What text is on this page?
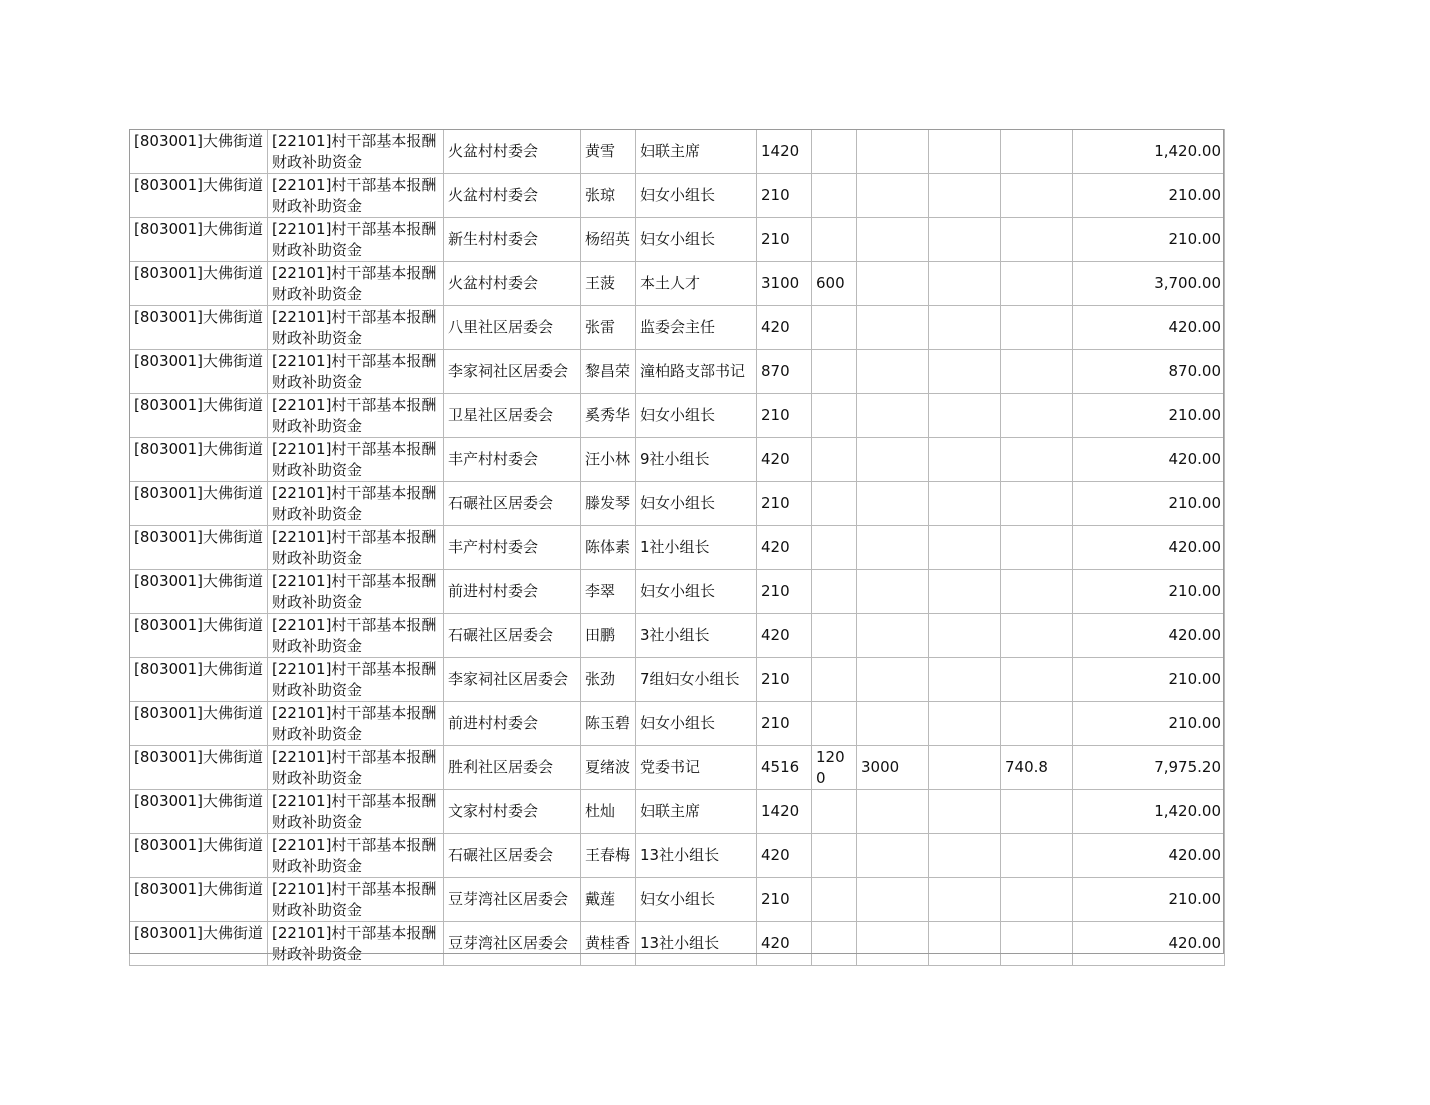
[803001]大佛街道	[22101]村干部基本报酬财政补助资金	火盆村村委会	黄雪	妇联主席	1420					1,420.00
[803001]大佛街道	[22101]村干部基本报酬财政补助资金	火盆村村委会	张琼	妇女小组长	210					210.00
[803001]大佛街道	[22101]村干部基本报酬财政补助资金	新生村村委会	杨绍英	妇女小组长	210					210.00
[803001]大佛街道	[22101]村干部基本报酬财政补助资金	火盆村村委会	王菠	本土人才	3100	600				3,700.00
[803001]大佛街道	[22101]村干部基本报酬财政补助资金	八里社区居委会	张雷	监委会主任	420					420.00
[803001]大佛街道	[22101]村干部基本报酬财政补助资金	李家祠社区居委会	黎昌荣	潼柏路支部书记	870					870.00
[803001]大佛街道	[22101]村干部基本报酬财政补助资金	卫星社区居委会	奚秀华	妇女小组长	210					210.00
[803001]大佛街道	[22101]村干部基本报酬财政补助资金	丰产村村委会	汪小林	9社小组长	420					420.00
[803001]大佛街道	[22101]村干部基本报酬财政补助资金	石碾社区居委会	滕发琴	妇女小组长	210					210.00
[803001]大佛街道	[22101]村干部基本报酬财政补助资金	丰产村村委会	陈体素	1社小组长	420					420.00
[803001]大佛街道	[22101]村干部基本报酬财政补助资金	前进村村委会	李翠	妇女小组长	210					210.00
[803001]大佛街道	[22101]村干部基本报酬财政补助资金	石碾社区居委会	田鹏	3社小组长	420					420.00
[803001]大佛街道	[22101]村干部基本报酬财政补助资金	李家祠社区居委会	张劲	7组妇女小组长	210					210.00
[803001]大佛街道	[22101]村干部基本报酬财政补助资金	前进村村委会	陈玉碧	妇女小组长	210					210.00
[803001]大佛街道	[22101]村干部基本报酬财政补助资金	胜利社区居委会	夏绪波	党委书记	4516	1200	3000		740.8	7,975.20
[803001]大佛街道	[22101]村干部基本报酬财政补助资金	文家村村委会	杜灿	妇联主席	1420					1,420.00
[803001]大佛街道	[22101]村干部基本报酬财政补助资金	石碾社区居委会	王春梅	13社小组长	420					420.00
[803001]大佛街道	[22101]村干部基本报酬财政补助资金	豆芽湾社区居委会	戴莲	妇女小组长	210					210.00
[803001]大佛街道	[22101]村干部基本报酬财政补助资金	豆芽湾社区居委会	黄桂香	13社小组长	420					420.00
